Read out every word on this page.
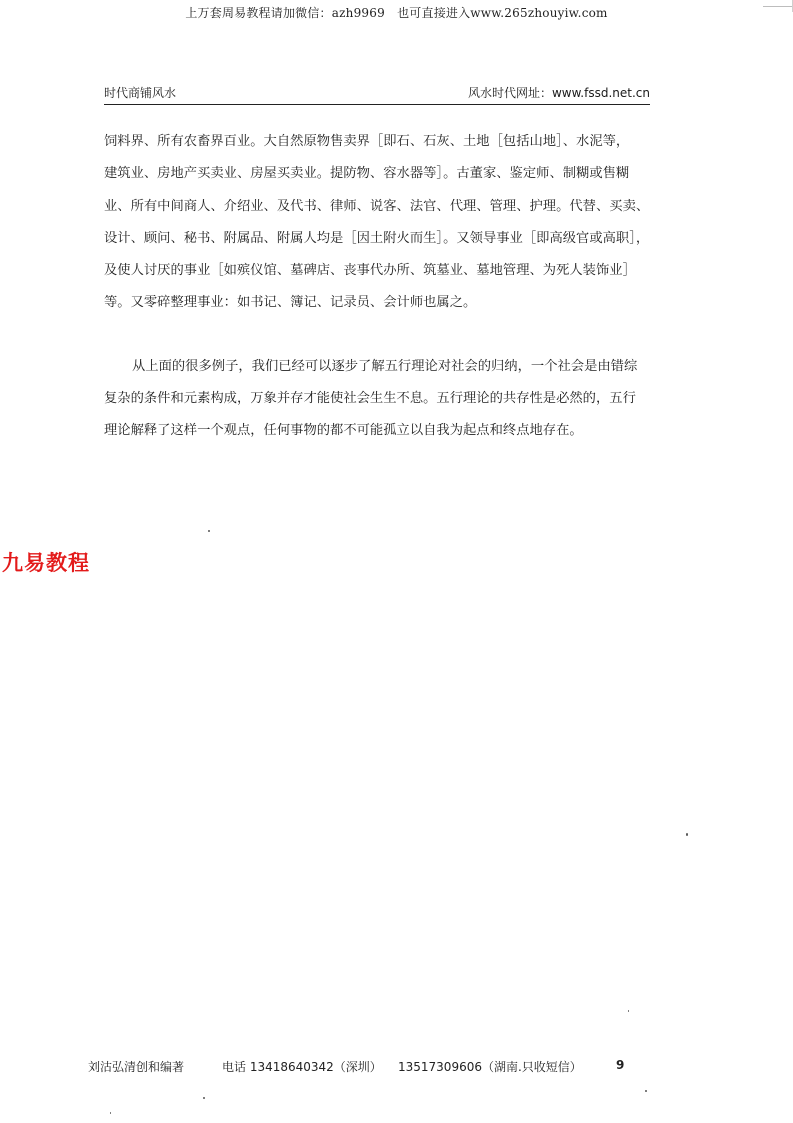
上万套周易教程请加微信：azh9969　也可直接进入www.265zhouyiw.com
时代商铺风水	风水时代网址：www.fssd.net.cn

饲料界、所有农畜界百业。大自然原物售卖界［即石、石灰、土地［包括山地］、水泥等，

建筑业、房地产买卖业、房屋买卖业。提防物、容水器等］。古董家、鉴定师、制糊或售糊

业、所有中间商人、介绍业、及代书、律师、说客、法官、代理、管理、护理。代替、买卖、

设计、顾问、秘书、附属品、附属人均是［因土附火而生］。又领导事业［即高级官或高职］，

及使人讨厌的事业［如殡仪馆、墓碑店、丧事代办所、筑墓业、墓地管理、为死人装饰业］

等。又零碎整理事业：如书记、簿记、记录员、会计师也属之。

从上面的很多例子，我们已经可以逐步了解五行理论对社会的归纳，一个社会是由错综

复杂的条件和元素构成，万象并存才能使社会生生不息。五行理论的共存性是必然的，五行

理论解释了这样一个观点，任何事物的都不可能孤立以自我为起点和终点地存在。

九易教程
刘沽弘清创和编著	电话 13418640342（深圳） 13517309606（湖南.只收短信）	9
